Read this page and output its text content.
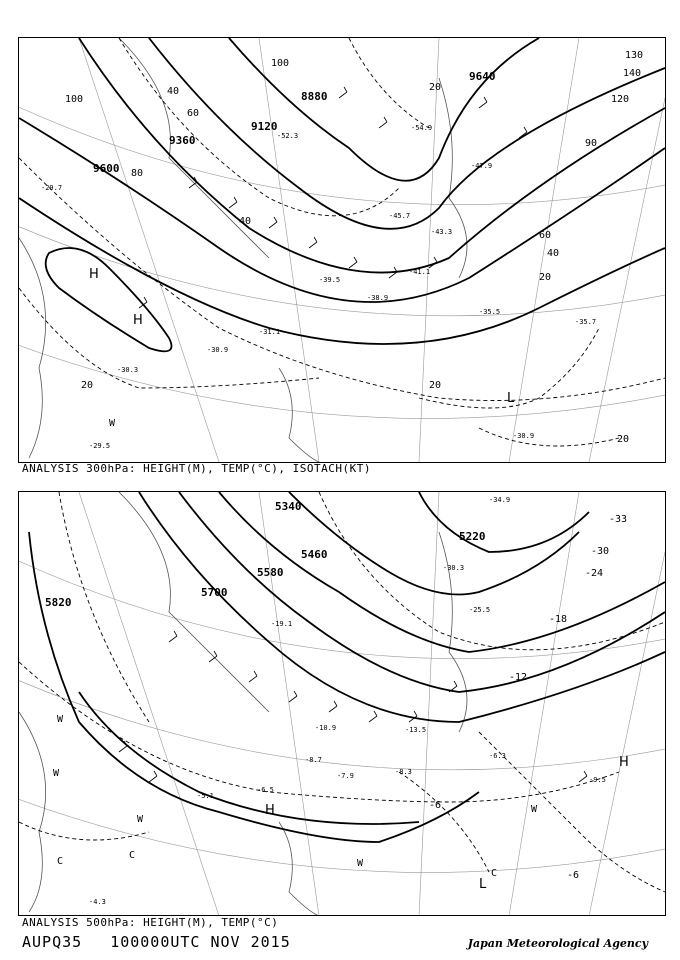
9600
9360
9120
8880
9640
100
80
60
40	20
90
130
140
120
100
40
60
40
20
20	20
20
H
H
L
W
-29.7
-30.9
-31.1
-29.5
-30.3
-35.7
-35.5
-38.9
-41.1
-43.3
-45.7
-47.9
-52.3
-54.9
-39.5
-30.9
ANALYSIS 300hPa: HEIGHT(M), TEMP(°C), ISOTACH(KT)
5340
5460
5580
5700
5820
5220
-33
-30
-24
-18
-12
-6
-6
H
H
L
C
C
C
W
W
W
W
W
-8.3
-9.5
-6.5
-7.9
-8.7
-10.9	-13.5
-19.1
-25.5
-30.3
-34.9
-4.3
-5.1
-6.3
ANALYSIS 500hPa: HEIGHT(M), TEMP(°C)
AUPQ35 100000UTC NOV 2015	Japan Meteorological Agency
